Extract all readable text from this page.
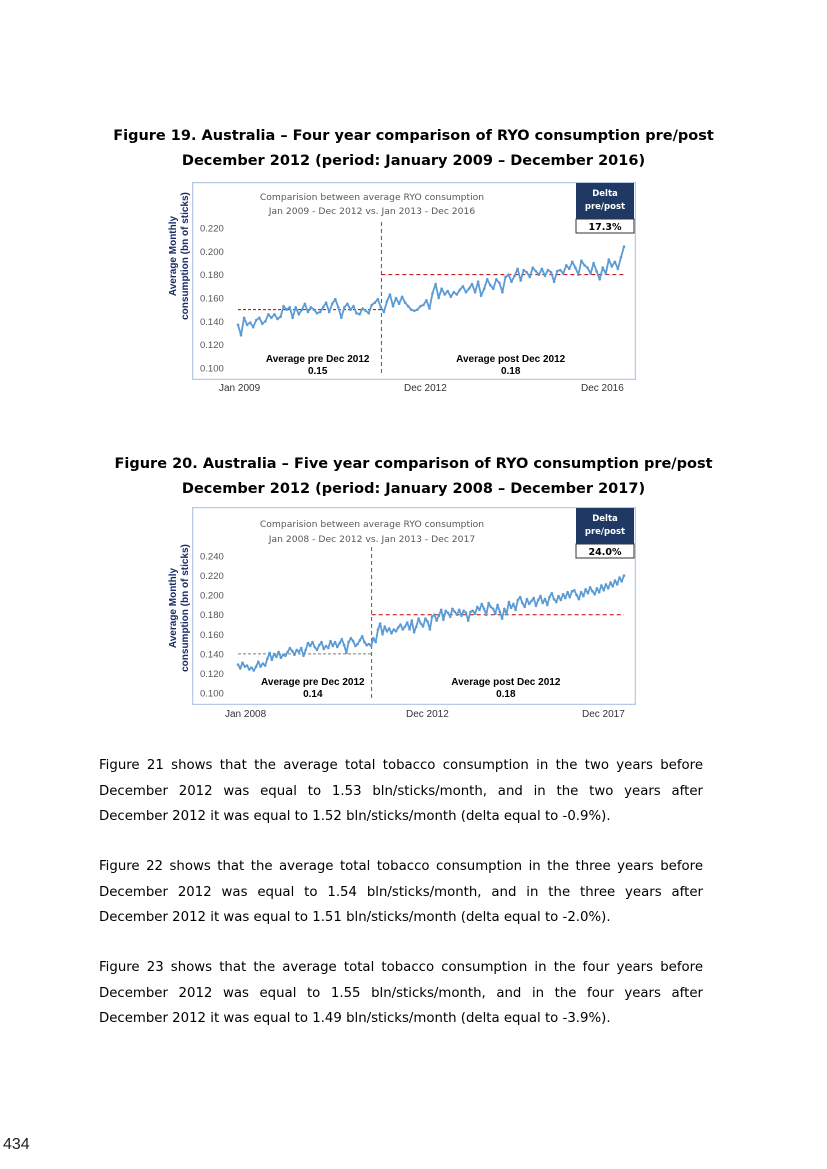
Figure 19. Australia – Four year comparison of RYO consumption pre/post
December 2012 (period: January 2009 – December 2016)
Average Monthly
consumption (bn of sticks) 0.220
0.200
0.180
0.160
0.140
0.120
0.100
Comparision between average RYO consumption
Jan 2009 - Dec 2012 vs. Jan 2013 - Dec 2016
Delta
pre/post
17.3%
Average pre Dec 2012
0.15
Average post Dec 2012
0.18
Jan 2009	Dec 2012	Dec 2016
Figure 20. Australia – Five year comparison of RYO consumption pre/post
December 2012 (period: January 2008 – December 2017)
Average Monthly
consumption (bn of sticks) 0.240
0.220
0.200
0.180
0.160
0.140
0.120
0.100
Comparision between average RYO consumption
Jan 2008 - Dec 2012 vs. Jan 2013 - Dec 2017
Delta
pre/post
24.0%
Average pre Dec 2012
0.14
Average post Dec 2012
0.18
Jan 2008	Dec 2012	Dec 2017
Figure 21 shows that the average total tobacco consumption in the two years before
December 2012 was equal to 1.53 bln/sticks/month, and in the two years after
December 2012 it was equal to 1.52 bln/sticks/month (delta equal to -0.9%).
Figure 22 shows that the average total tobacco consumption in the three years before
December 2012 was equal to 1.54 bln/sticks/month, and in the three years after
December 2012 it was equal to 1.51 bln/sticks/month (delta equal to -2.0%).
Figure 23 shows that the average total tobacco consumption in the four years before
December 2012 was equal to 1.55 bln/sticks/month, and in the four years after
December 2012 it was equal to 1.49 bln/sticks/month (delta equal to -3.9%).
434
